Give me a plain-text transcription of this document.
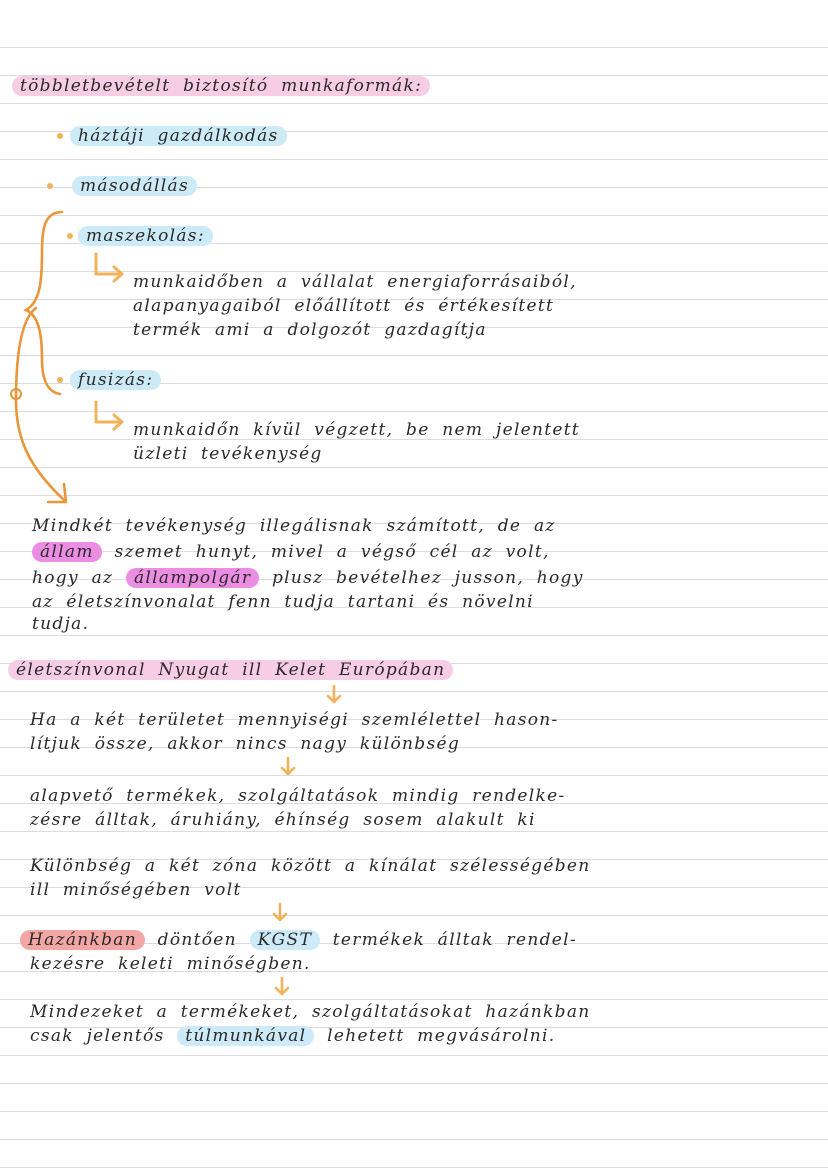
többletbevételt biztosító munkaformák:
háztáji gazdálkodás
másodállás
maszekolás:
munkaidőben a vállalat energiaforrásaiból,
alapanyagaiból előállított és értékesített
termék ami a dolgozót gazdagítja
fusizás:
munkaidőn kívül végzett, be nem jelentett
üzleti tevékenység
Mindkét tevékenység illegálisnak számított, de az
állam szemet hunyt, mivel a végső cél az volt,
hogy az állampolgár plusz bevételhez jusson, hogy
az életszínvonalat fenn tudja tartani és növelni
tudja.
életszínvonal Nyugat ill Kelet Európában
Ha a két területet mennyiségi szemlélettel hason-
lítjuk össze, akkor nincs nagy különbség
alapvető termékek, szolgáltatások mindig rendelke-
zésre álltak, áruhiány, éhínség sosem alakult ki
Különbség a két zóna között a kínálat szélességében
ill minőségében volt
Hazánkban döntően KGST termékek álltak rendel-
kezésre keleti minőségben.
Mindezeket a termékeket, szolgáltatásokat hazánkban
csak jelentős túlmunkával lehetett megvásárolni.
